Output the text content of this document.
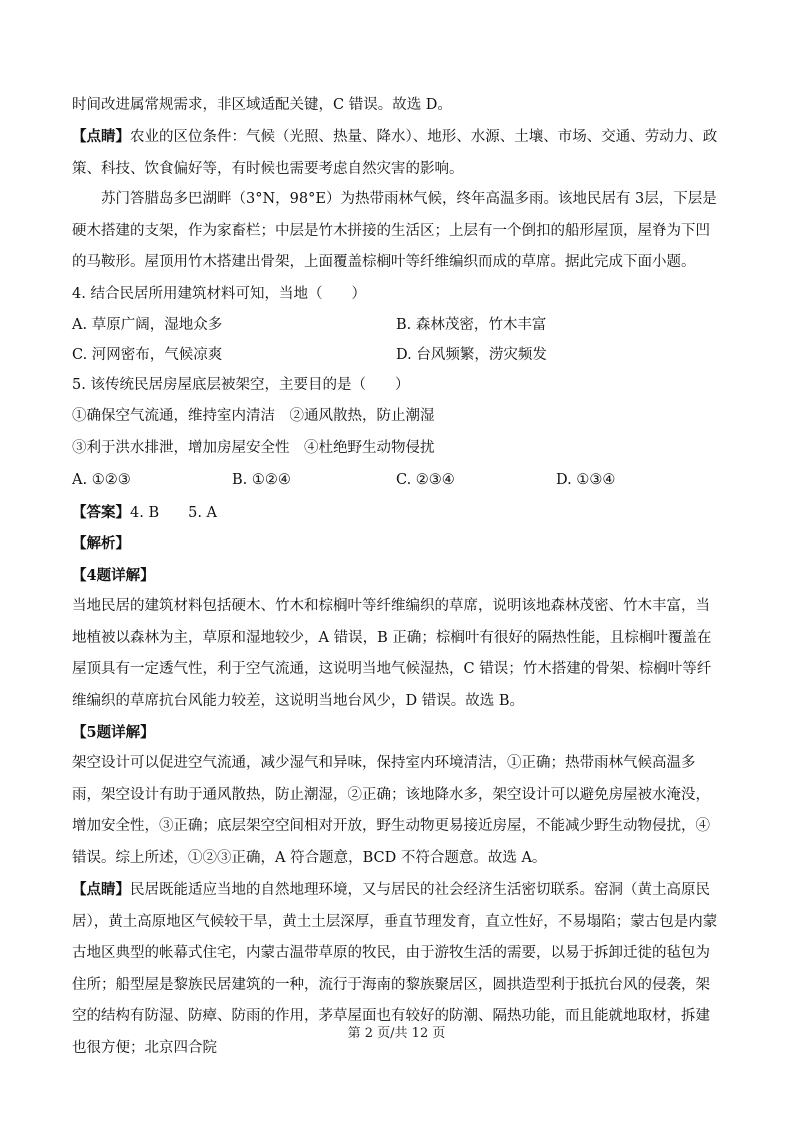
时间改进属常规需求，非区域适配关键，C 错误。故选 D。

【点睛】农业的区位条件：气候（光照、热量、降水）、地形、水源、土壤、市场、交通、劳动力、政策、科技、饮食偏好等，有时候也需要考虑自然灾害的影响。

苏门答腊岛多巴湖畔（3°N，98°E）为热带雨林气候，终年高温多雨。该地民居有 3层，下层是硬木搭建的支架，作为家畜栏；中层是竹木拼接的生活区；上层有一个倒扣的船形屋顶，屋脊为下凹的马鞍形。屋顶用竹木搭建出骨架，上面覆盖棕榈叶等纤维编织而成的草席。据此完成下面小题。

4. 结合民居所用建筑材料可知，当地（　　）

A. 草原广阔，湿地众多	B. 森林茂密，竹木丰富
C. 河网密布，气候凉爽	D. 台风频繁，涝灾频发

5. 该传统民居房屋底层被架空，主要目的是（　　）

①确保空气流通，维持室内清洁　②通风散热，防止潮湿

③利于洪水排泄，增加房屋安全性　④杜绝野生动物侵扰

A. ①②③	B. ①②④	C. ②③④	D. ①③④

【答案】4. B　　5. A

【解析】

【4题详解】

当地民居的建筑材料包括硬木、竹木和棕榈叶等纤维编织的草席，说明该地森林茂密、竹木丰富，当地植被以森林为主，草原和湿地较少，A 错误，B 正确；棕榈叶有很好的隔热性能，且棕榈叶覆盖在屋顶具有一定透气性，利于空气流通，这说明当地气候湿热，C 错误；竹木搭建的骨架、棕榈叶等纤维编织的草席抗台风能力较差，这说明当地台风少，D 错误。故选 B。

【5题详解】

架空设计可以促进空气流通，减少湿气和异味，保持室内环境清洁，①正确；热带雨林气候高温多雨，架空设计有助于通风散热，防止潮湿，②正确；该地降水多，架空设计可以避免房屋被水淹没，增加安全性，③正确；底层架空空间相对开放，野生动物更易接近房屋，不能减少野生动物侵扰，④错误。综上所述，①②③正确，A 符合题意，BCD 不符合题意。故选 A。

【点睛】民居既能适应当地的自然地理环境，又与居民的社会经济生活密切联系。窑洞（黄土高原民居），黄土高原地区气候较干旱，黄土土层深厚，垂直节理发育，直立性好，不易塌陷；蒙古包是内蒙古地区典型的帐幕式住宅，内蒙古温带草原的牧民，由于游牧生活的需要，以易于拆卸迁徙的毡包为住所；船型屋是黎族民居建筑的一种，流行于海南的黎族聚居区，圆拱造型利于抵抗台风的侵袭，架空的结构有防湿、防瘴、防雨的作用，茅草屋面也有较好的防潮、隔热功能，而且能就地取材，拆建也很方便；北京四合院

第 2 页/共 12 页
